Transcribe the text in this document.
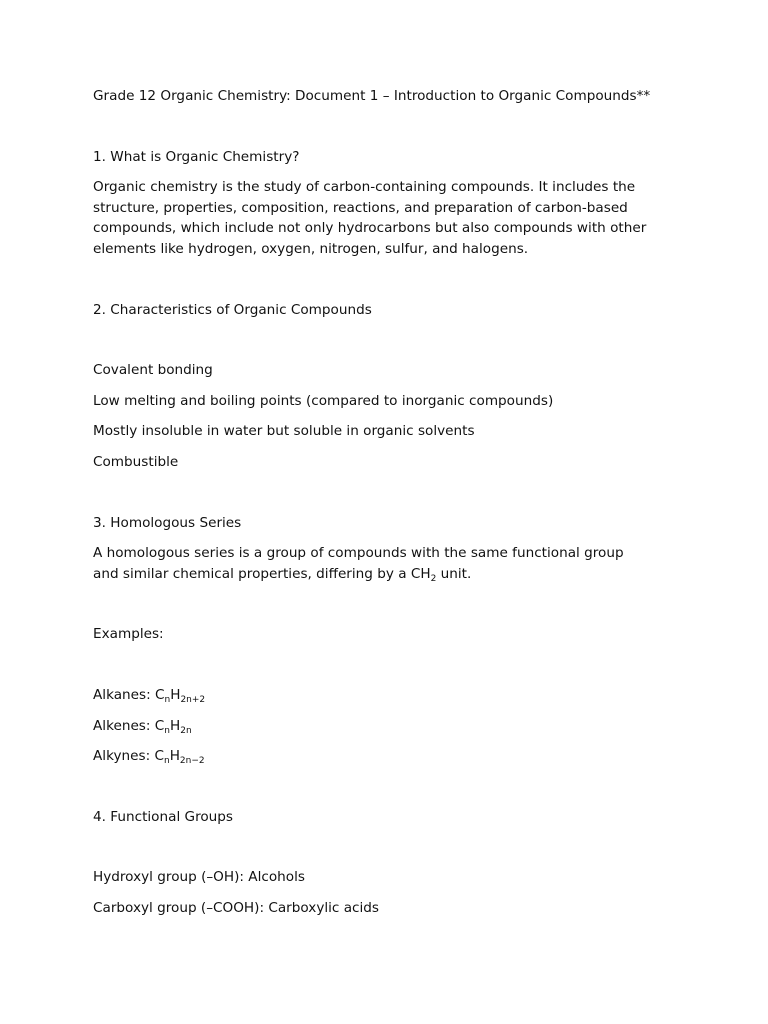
Grade 12 Organic Chemistry: Document 1 – Introduction to Organic Compounds**

1. What is Organic Chemistry?

Organic chemistry is the study of carbon-containing compounds. It includes the structure, properties, composition, reactions, and preparation of carbon-based compounds, which include not only hydrocarbons but also compounds with other elements like hydrogen, oxygen, nitrogen, sulfur, and halogens.

2. Characteristics of Organic Compounds

Covalent bonding

Low melting and boiling points (compared to inorganic compounds)

Mostly insoluble in water but soluble in organic solvents

Combustible

3. Homologous Series

A homologous series is a group of compounds with the same functional group and similar chemical properties, differing by a $CH_2$ unit.

Examples:

Alkanes: $C_nH_{2n+2}$

Alkenes: $C_nH_{2n}$

Alkynes: $C_nH_{2n-2}$

4. Functional Groups

Hydroxyl group (–OH): Alcohols

Carboxyl group (–COOH): Carboxylic acids
